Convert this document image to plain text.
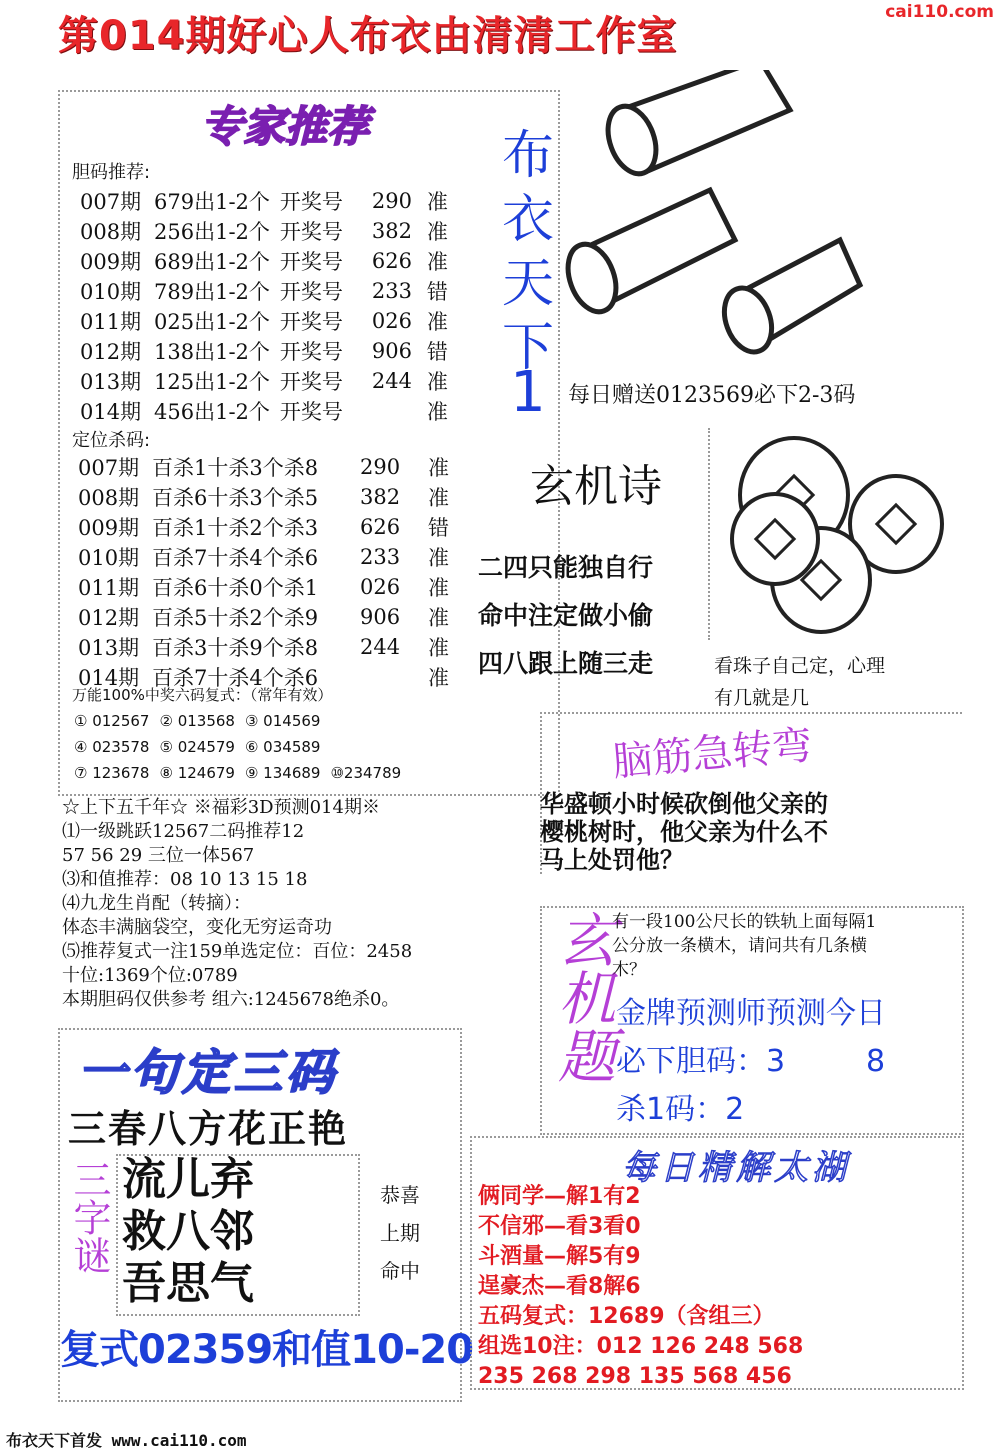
第014期好心人布衣由清清工作室
cai110.com
专家推荐
胆码推荐:
007期	679出1-2个	开奖号	290	准
008期	256出1-2个	开奖号	382	准
009期	689出1-2个	开奖号	626	准
010期	789出1-2个	开奖号	233	错
011期	025出1-2个	开奖号	026	准
012期	138出1-2个	开奖号	906	错
013期	125出1-2个	开奖号	244	准
014期	456出1-2个	开奖号		准
定位杀码:
007期	百杀1十杀3个杀8	290	准
008期	百杀6十杀3个杀5	382	准
009期	百杀1十杀2个杀3	626	错
010期	百杀7十杀4个杀6	233	准
011期	百杀6十杀0个杀1	026	准
012期	百杀5十杀2个杀9	906	准
013期	百杀3十杀9个杀8	244	准
014期	百杀7十杀4个杀6		准
万能100%中奖六码复式：（常年有效）
① 012567	② 013568	③ 014569	
④ 023578	⑤ 024579	⑥ 034589	
⑦ 123678	⑧ 124679	⑨ 134689	⑩234789
布衣天下
1	每日赠送0123569必下2-3码
玄机诗
二四只能独自行
命中注定做小偷
四八跟上随三走	看珠子自己定，心理
有几就是几
脑筋急转弯
华盛顿小时候砍倒他父亲的
樱桃树时，他父亲为什么不
马上处罚他？
☆上下五千年☆ ※福彩3D预测014期※
⑴一级跳跃12567二码推荐12
57 56 29 三位一体567
⑶和值推荐：08 10 13 15 18
⑷九龙生肖配（转摘）：
体态丰满脑袋空，变化无穷运奇功
⑸推荐复式一注159单选定位：百位：2458
十位:1369个位:0789
本期胆码仅供参考 组六:1245678绝杀0。	玄机题
有一段100公尺长的铁轨上面每隔1
公分放一条横木，请问共有几条横
木？
金牌预测师预测今日
必下胆码：3	8
杀1码：2
一句定三码
三春八方花正艳
三字谜 流儿弃
救八邻
吾思气
恭喜
上期
命中
复式02359和值10-20
每日精解太湖
俩同学—解1有2
不信邪—看3看0
斗酒量—解5有9
逞豪杰—看8解6
五码复式：12689（含组三）
组选10注：012 126 248 568
235 268 298 135 568 456
布衣天下首发 www.cai110.com
